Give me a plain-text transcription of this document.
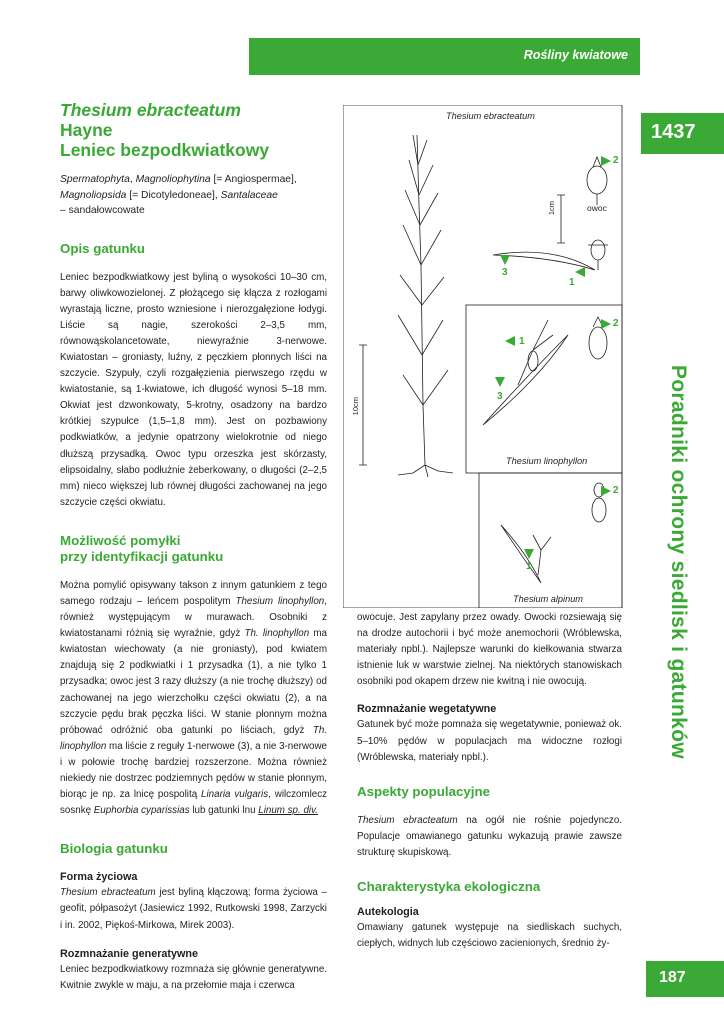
Rośliny kwiatowe
1437
Poradniki ochrony siedlisk i gatunków
187
Thesium ebracteatum
Hayne
Leniec bezpodkwiatkowy
Spermatophyta, Magnoliophytina [= Angiospermae],
Magnoliopsida [= Dicotyledoneae], Santalaceae
– sandałowcowate
Opis gatunku

Leniec bezpodkwiatkowy jest byliną o wysokości 10–30 cm, barwy oliwkowozielonej. Z płożącego się kłącza z rozłogami wyrastają liczne, prosto wzniesione i nierozgałęzione łodygi. Liście są nagie, szerokości 2–3,5 mm, równowąskolancetowate, niewyraźnie 3-nerwowe. Kwiatostan – groniasty, luźny, z pęczkiem płonnych liści na szczycie. Szypuły, czyli rozgałęzienia pierwszego rzędu w kwiatostanie, są 1-kwiatowe, ich długość wynosi 5–18 mm. Okwiat jest dzwonkowaty, 5-krotny, osadzony na bardzo krótkiej szypułce (1,5–1,8 mm). Jest on pozbawiony podkwiatków, a jedynie opatrzony wielokrotnie od niego dłuższą przysadką. Owoc typu orzeszka jest skórzasty, elipsoidalny, słabo podłużnie żeberkowany, o długości (2–2,5 mm) nieco większej lub równej długości zachowanej na jego szczycie części okwiatu.

Możliwość pomyłki
przy identyfikacji gatunku

Można pomylić opisywany takson z innym gatunkiem z tego samego rodzaju – leńcem pospolitym Thesium linophyllon, również występującym w murawach. Osobniki z kwiatostanami różnią się wyraźnie, gdyż Th. linophyllon ma kwiatostan wiechowaty (a nie groniasty), pod kwiatem znajdują się 2 podkwiatki i 1 przysadka (1), a nie tylko 1 przysadka; owoc jest 3 razy dłuższy (a nie trochę dłuższy) od zachowanej na jego wierzchołku części okwiatu (2), a na szczycie pędu brak pęczka liści. W stanie płonnym można próbować odróżnić oba gatunki po liściach, gdyż Th. linophyllon ma liście z reguły 1-nerwowe (3), a nie 3-nerwowe i w połowie trochę bardziej rozszerzone. Można również niekiedy nie dostrzec podziemnych pędów w stanie płonnym, biorąc je np. za lnicę pospolitą Linaria vulgaris, wilczomlecz sosnkę Euphorbia cyparissias lub gatunki lnu Linum sp. div.

Biologia gatunku
Forma życiowa

Thesium ebracteatum jest byliną kłączową; forma życiowa – geofit, półpasożyt (Jasiewicz 1992, Rutkowski 1998, Zarzycki i in. 2002, Piękoś-Mirkowa, Mirek 2003).

Rozmnażanie generatywne

Leniec bezpodkwiatkowy rozmnaża się głównie generatywne. Kwitnie zwykle w maju, a na przełomie maja i czerwca

Thesium ebracteatum
owoc
1cm
10cm
Thesium linophyllon
Thesium alpinum
2
3
1
2
1
3
2
1

owocuje. Jest zapylany przez owady. Owocki rozsiewają się na drodze autochorii i być może anemochorii (Wróblewska, materiały npbl.). Najlepsze warunki do kiełkowania stwarza istnienie luk w warstwie zielnej. Na niektórych stanowiskach osobniki pod okapem drzew nie kwitną i nie owocują.

Rozmnażanie wegetatywne

Gatunek być może pomnaża się wegetatywnie, ponieważ ok. 5–10% pędów w populacjach ma widoczne rozłogi (Wróblewska, materiały npbl.).

Aspekty populacyjne

Thesium ebracteatum na ogół nie rośnie pojedynczo. Populacje omawianego gatunku wykazują prawie zawsze strukturę skupiskową.

Charakterystyka ekologiczna
Autekologia

Omawiany gatunek występuje na siedliskach suchych, ciepłych, widnych lub częściowo zacienionych, średnio ży-
